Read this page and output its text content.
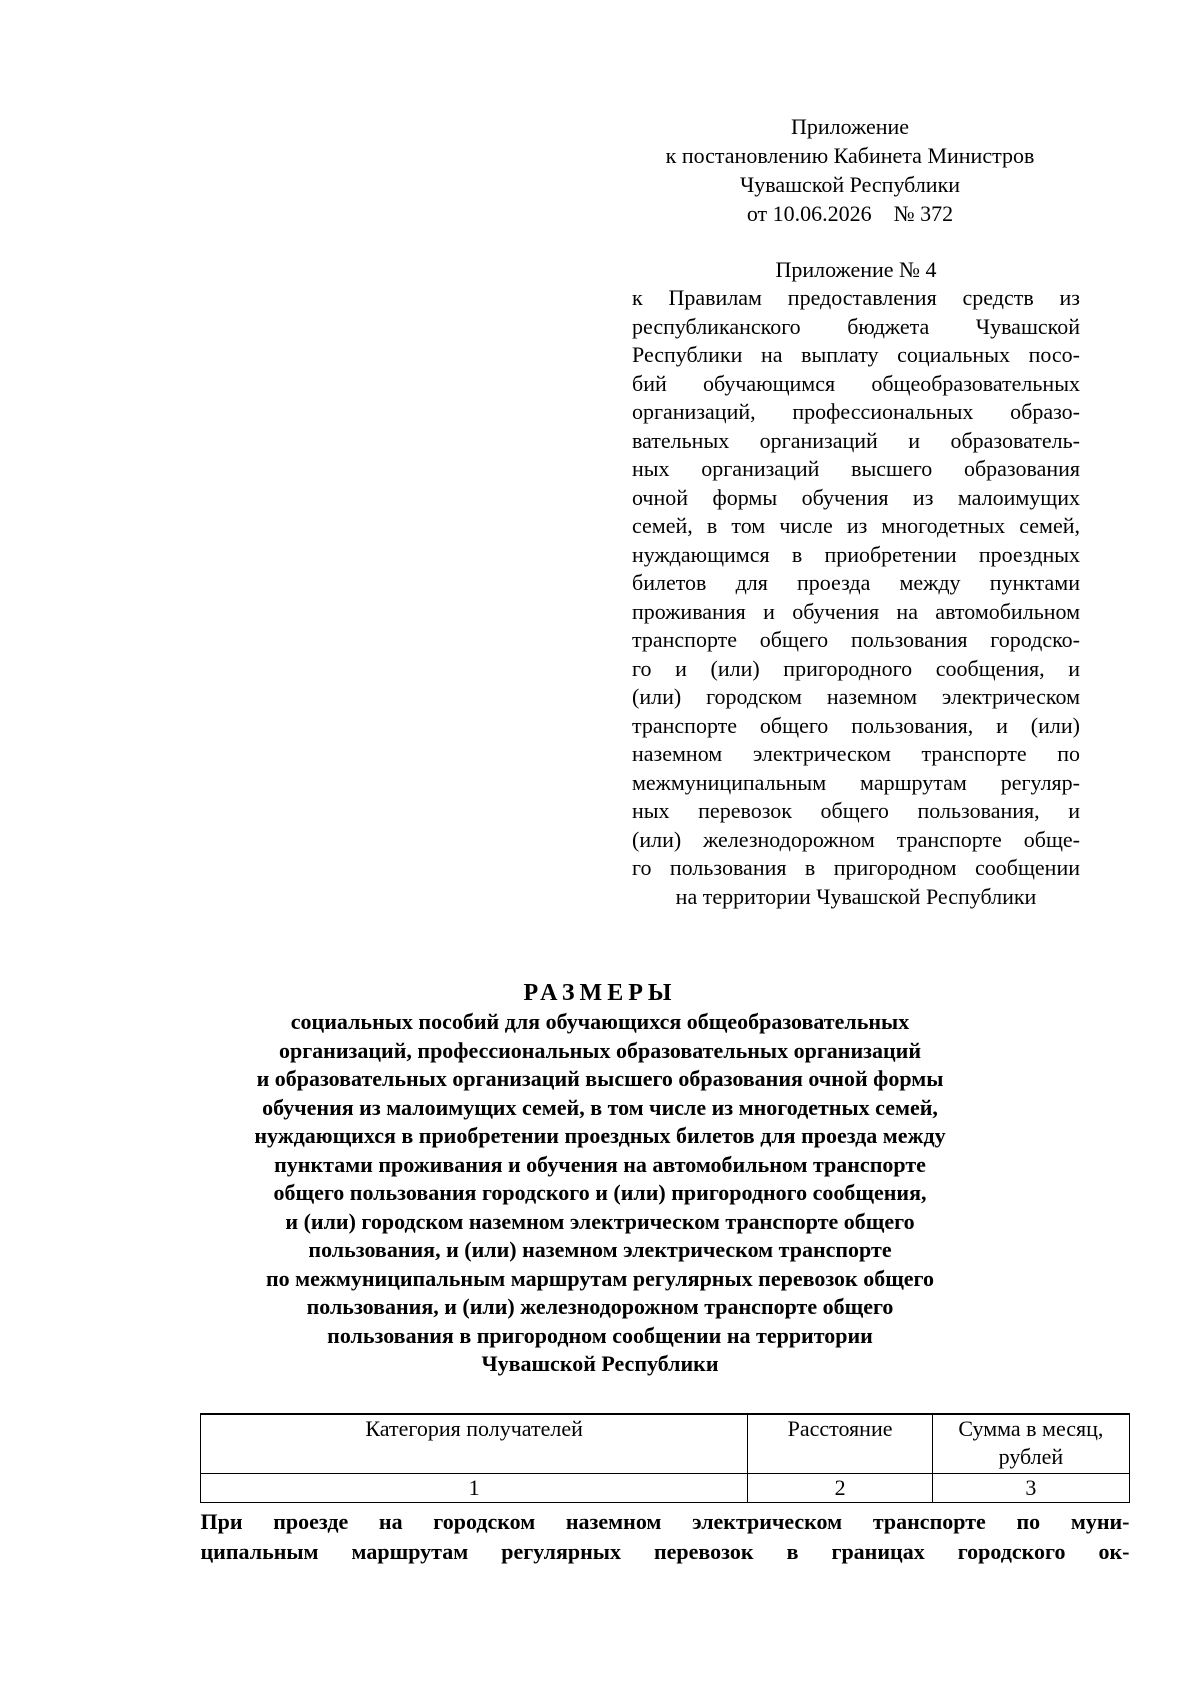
Приложение
к постановлению Кабинета Министров
Чувашской Республики
от 10.06.2026    № 372
Приложение № 4
к Правилам предоставления средств из
республиканского бюджета Чувашской
Республики на выплату социальных посо-
бий обучающимся общеобразовательных
организаций, профессиональных образо-
вательных организаций и образователь-
ных организаций высшего образования
очной формы обучения из малоимущих
семей, в том числе из многодетных семей,
нуждающимся в приобретении проездных
билетов для проезда между пунктами
проживания и обучения на автомобильном
транспорте общего пользования городско-
го и (или) пригородного сообщения, и
(или) городском наземном электрическом
транспорте общего пользования, и (или)
наземном электрическом транспорте по
межмуниципальным маршрутам регуляр-
ных перевозок общего пользования, и
(или) железнодорожном транспорте обще-
го пользования в пригородном сообщении
на территории Чувашской Республики
РАЗМЕРЫ
социальных пособий для обучающихся общеобразовательных
организаций, профессиональных образовательных организаций
и образовательных организаций высшего образования очной формы
обучения из малоимущих семей, в том числе из многодетных семей,
нуждающихся в приобретении проездных билетов для проезда между
пунктами проживания и обучения на автомобильном транспорте
общего пользования городского и (или) пригородного сообщения,
и (или) городском наземном электрическом транспорте общего
пользования, и (или) наземном электрическом транспорте
по межмуниципальным маршрутам регулярных перевозок общего
пользования, и (или) железнодорожном транспорте общего
пользования в пригородном сообщении на территории
Чувашской Республики
Категория получателей	Расстояние	Сумма в месяц,
рублей

1	2	3

При проезде на городском наземном электрическом транспорте по муни-
ципальным маршрутам регулярных перевозок в границах городского ок-		
